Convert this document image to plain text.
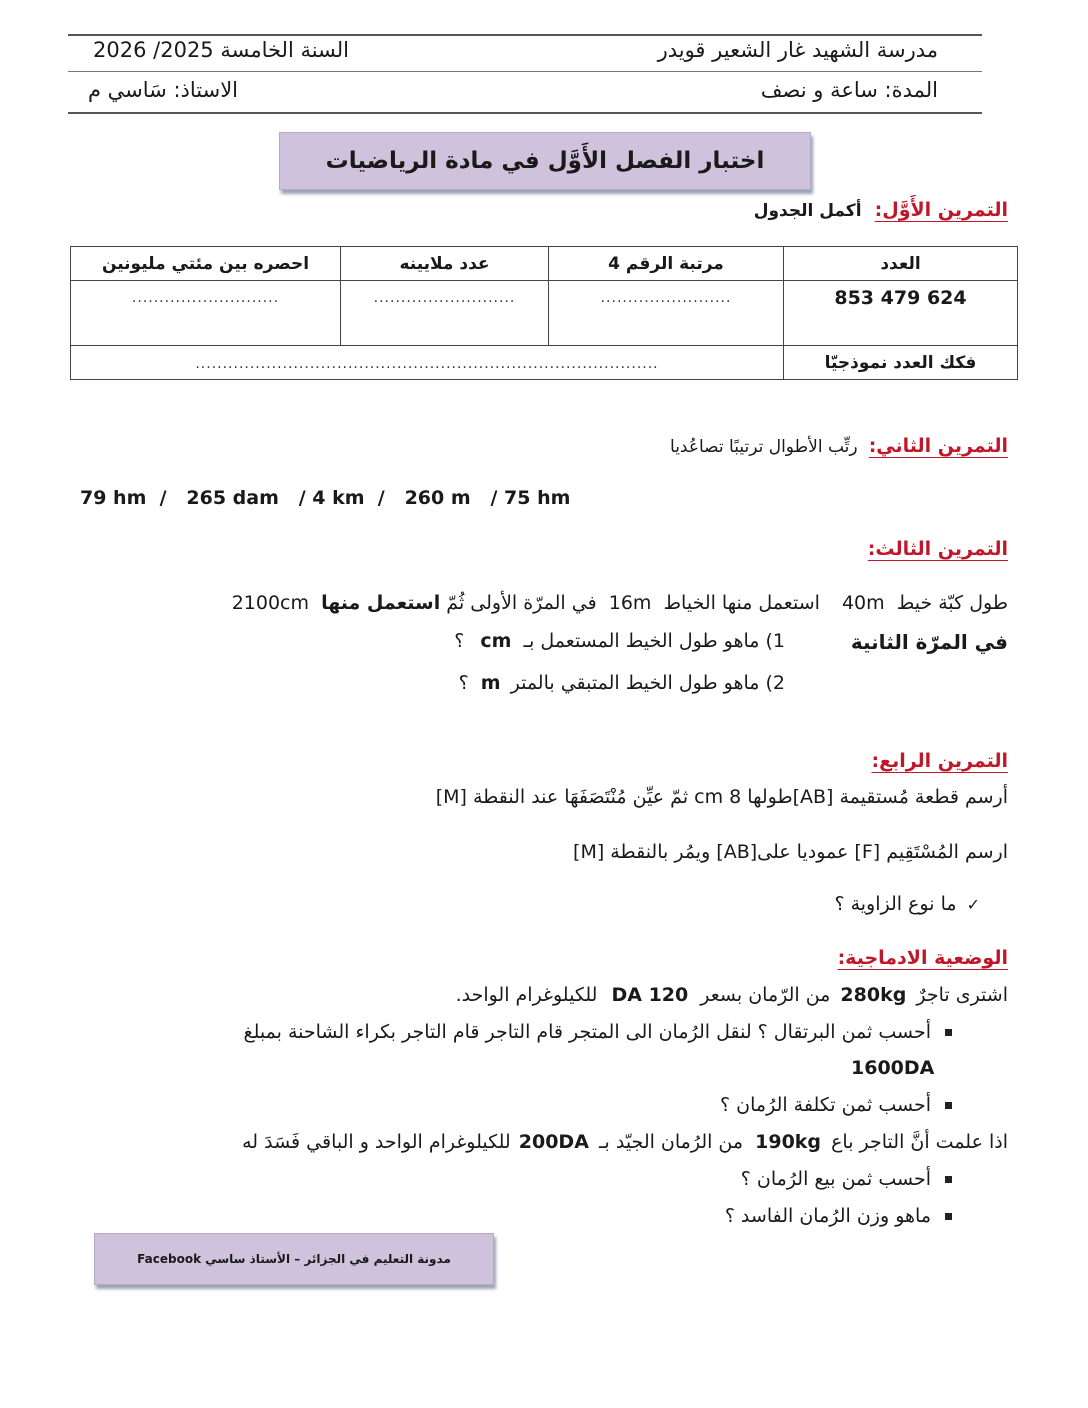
مدرسة الشهيد غار الشعير قويدر
السنة الخامسة 2025/ 2026
المدة: ساعة و نصف
الاستاذ: سَاسي م
اختبار الفصل الأَوَّل في مادة الرياضيات
التمرين الأَوَّل: أكمل الجدول
العدد	مرتبة الرقم 4	عدد ملايينه	احصره بين مئتي مليونين
624 479 853	........................	..........................	...........................
فكك العدد نموذجيّا	.....................................................................................		
التمرين الثاني: رتِّب الأطوال ترتيبًا تصاعُديا
79 hm  /   265 dam   / 4 km  /   260 m   / 75 hm
التمرين الثالث:
طول كبّة خيط 40m استعمل منها الخياط 16m في المرّة الأولى ثُمّ استعمل منها 2100cm
في المرّة الثانية
1) ماهو طول الخيط المستعمل بـ cm ؟
2) ماهو طول الخيط المتبقي بالمتر m ؟
التمرين الرابع:
أرسم قطعة مُستقيمة [AB]طولها 8 cm ثمّ عيِّن مُنْتَصَفَهَا عند النقطة [M]
ارسم المُسْتَقِيم [F] عموديا على[AB] ويمُر بالنقطة [M]
✓ ما نوع الزاوية ؟
الوضعية الادماجية:
اشترى تاجرٌ 280kg من الرّمان بسعر 120 DA للكيلوغرام الواحد.
أحسب ثمن البرتقال ؟ لنقل الرُمان الى المتجر قام التاجر قام التاجر بكراء الشاحنة بمبلغ
1600DA
أحسب ثمن تكلفة الرُمان ؟
اذا علمت أنَّ التاجر باع 190kg من الرُمان الجيّد بـ 200DA للكيلوغرام الواحد و الباقي فَسَدَ له
أحسب ثمن بيع الرُمان ؟
ماهو وزن الرُمان الفاسد ؟
مدونة التعليم في الجزائر – الأستاذ ساسي Facebook
